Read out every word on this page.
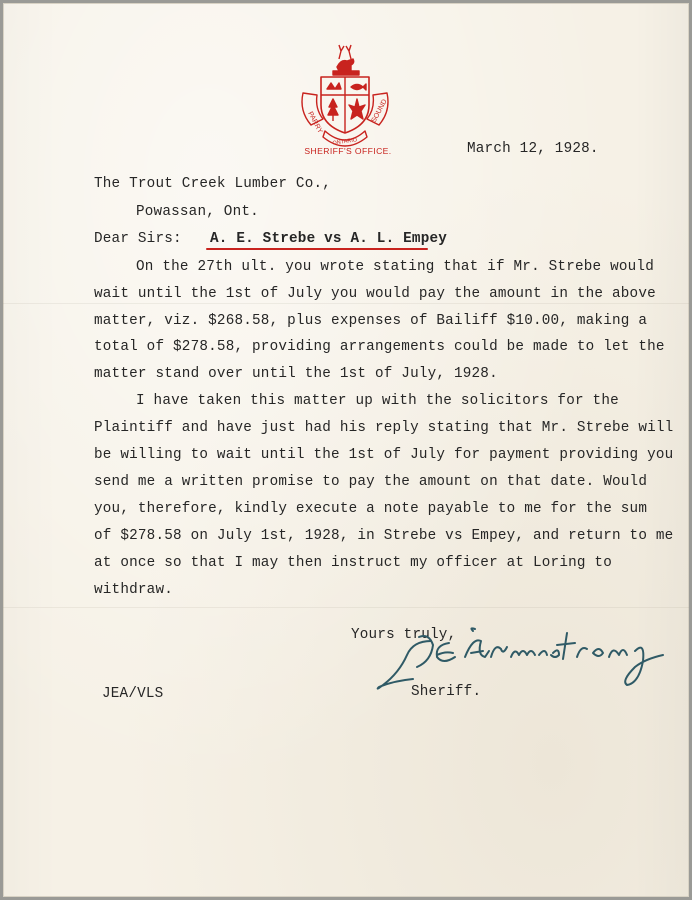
PARRY	SOUND
ONTARIO
SHERIFF'S OFFICE.	March 12, 1928.
The Trout Creek Lumber Co.,
Powassan, Ont.
Dear Sirs: A. E. Strebe vs A. L. Empey
On the 27th ult. you wrote stating that if Mr. Strebe would
wait until the 1st of July you would pay the amount in the above
matter, viz. $268.58, plus expenses of Bailiff $10.00, making a
total of $278.58, providing arrangements could be made to let the
matter stand over until the 1st of July, 1928.
I have taken this matter up with the solicitors for the
Plaintiff and have just had his reply stating that Mr. Strebe will
be willing to wait until the 1st of July for payment providing you
send me a written promise to pay the amount on that date. Would
you, therefore, kindly execute a note payable to me for the sum
of $278.58 on July 1st, 1928, in Strebe vs Empey, and return to me
at once so that I may then instruct my officer at Loring to
withdraw.
Yours truly,
Sheriff.
JEA/VLS
